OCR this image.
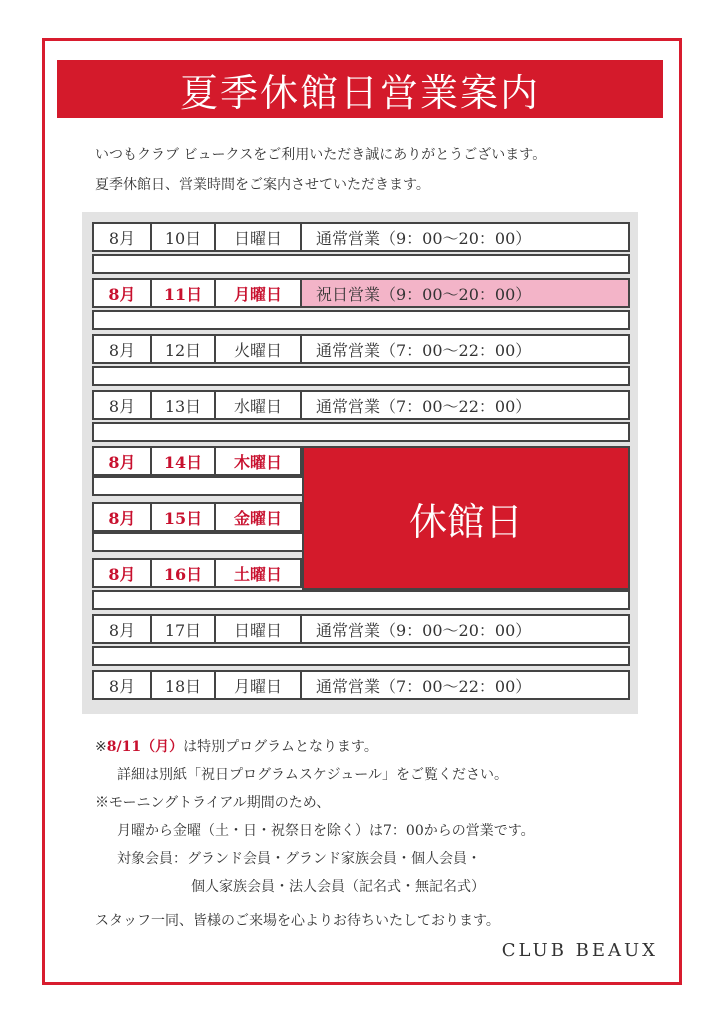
夏季休館日営業案内
いつもクラブ ビュークスをご利用いただき誠にありがとうございます。
夏季休館日、営業時間をご案内させていただきます。
8月	10日	日曜日	通常営業（9：00〜20：00）
8月	11日	月曜日	祝日営業（9：00〜20：00）
8月	12日	火曜日	通常営業（7：00〜22：00）
8月	13日	水曜日	通常営業（7：00〜22：00）
8月	14日	木曜日
8月	15日	金曜日
8月	16日	土曜日
休館日
8月	17日	日曜日	通常営業（9：00〜20：00）
8月	18日	月曜日	通常営業（7：00〜22：00）
※8/11（月）は特別プログラムとなります。
詳細は別紙「祝日プログラムスケジュール」をご覧ください。
※モーニングトライアル期間のため、
月曜から金曜（土・日・祝祭日を除く）は7：00からの営業です。
対象会員：グランド会員・グランド家族会員・個人会員・
個人家族会員・法人会員（記名式・無記名式）
スタッフ一同、皆様のご来場を心よりお待ちいたしております。
CLUB BEAUX
